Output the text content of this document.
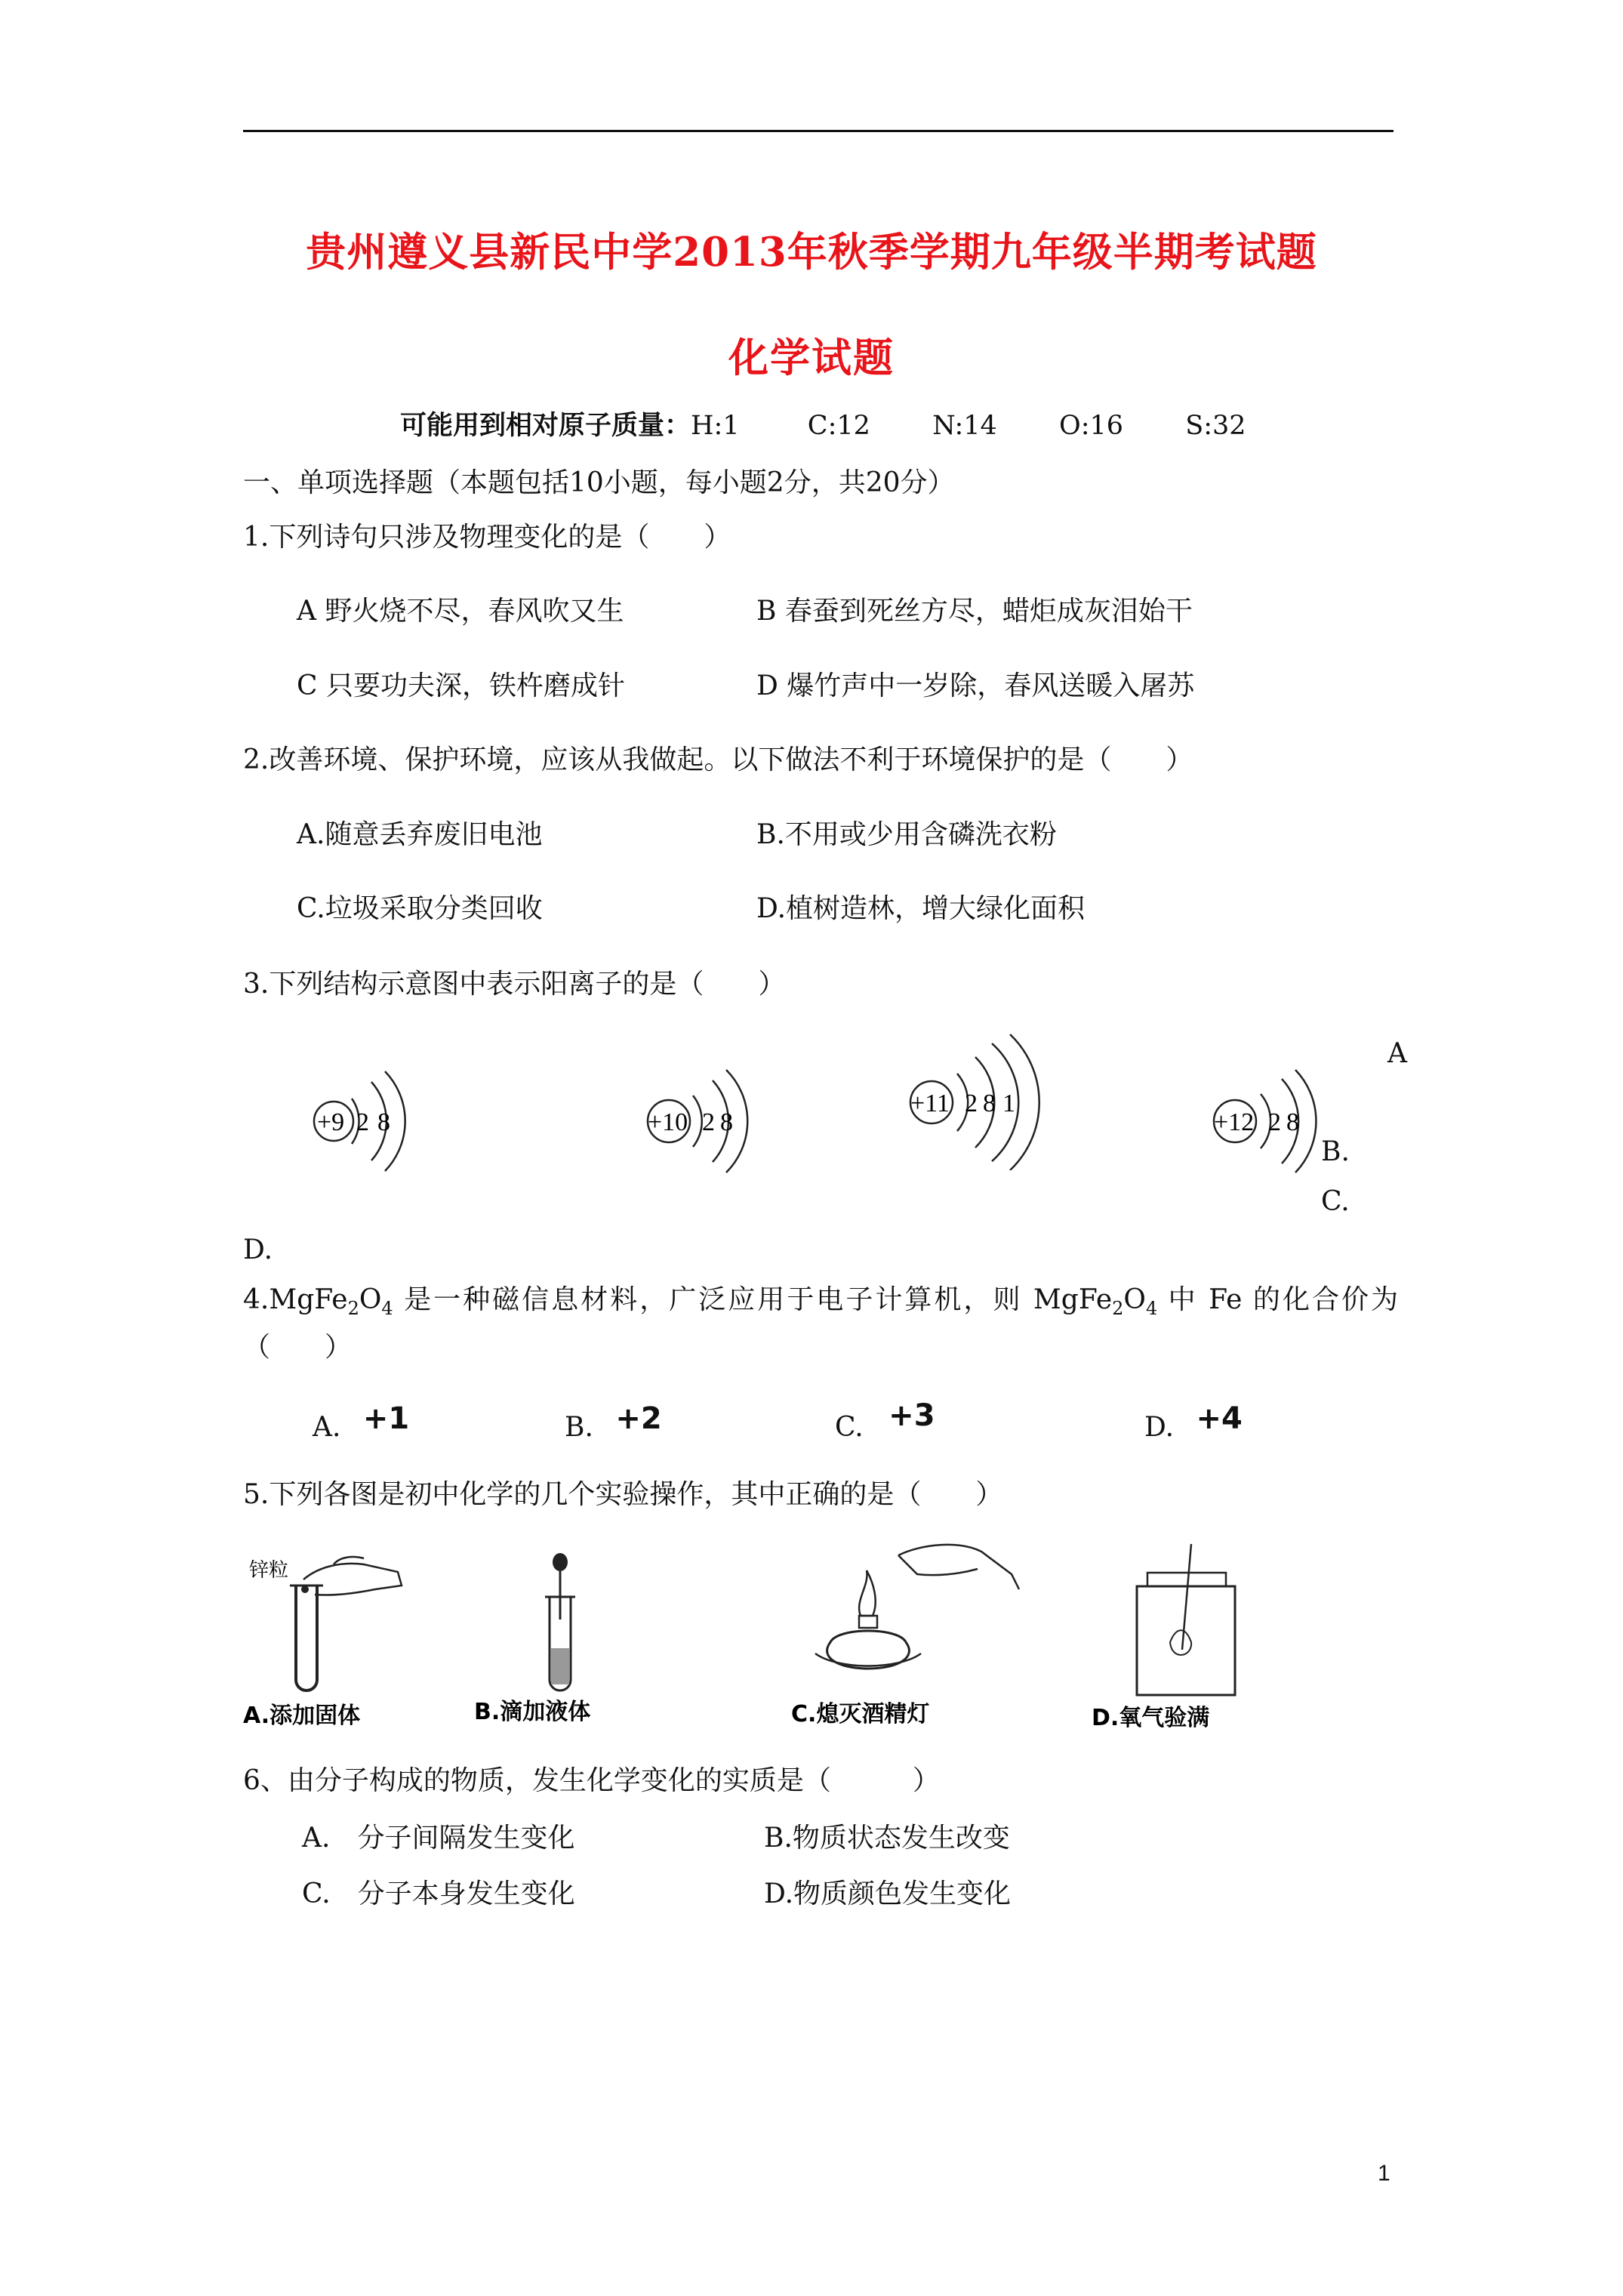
贵州遵义县新民中学2013年秋季学期九年级半期考试题
化学试题
可能用到相对原子质量：H:1	C:12 N:14 O:16 S:32
一、单项选择题（本题包括10小题，每小题2分，共20分）
1.下列诗句只涉及物理变化的是（　　）
A 野火烧不尽，春风吹又生	B 春蚕到死丝方尽，蜡炬成灰泪始干
C 只要功夫深，铁杵磨成针	D 爆竹声中一岁除，春风送暖入屠苏
2.改善环境、保护环境，应该从我做起。以下做法不利于环境保护的是（　　）
A.随意丢弃废旧电池	B.不用或少用含磷洗衣粉
C.垃圾采取分类回收	D.植树造林，增大绿化面积
3.下列结构示意图中表示阳离子的是（　　）
+9 2 8	+10 2 8
+11 2 8 1
+12 2 8
A
B.
C.
D.
$4.MgFe_2O_4$ 是一种磁信息材料，广泛应用于电子计算机，则 $MgFe_2O_4$ 中 Fe 的化合价为
（　　）
A. +1	B. +2	C. +3	D. +4
5.下列各图是初中化学的几个实验操作，其中正确的是（　　）
锌粒
A.添加固体	B.滴加液体	C.熄灭酒精灯	D.氧气验满
6、由分子构成的物质，发生化学变化的实质是（　　　）
A.　分子间隔发生变化	B.物质状态发生改变
C.　分子本身发生变化	D.物质颜色发生变化
1
